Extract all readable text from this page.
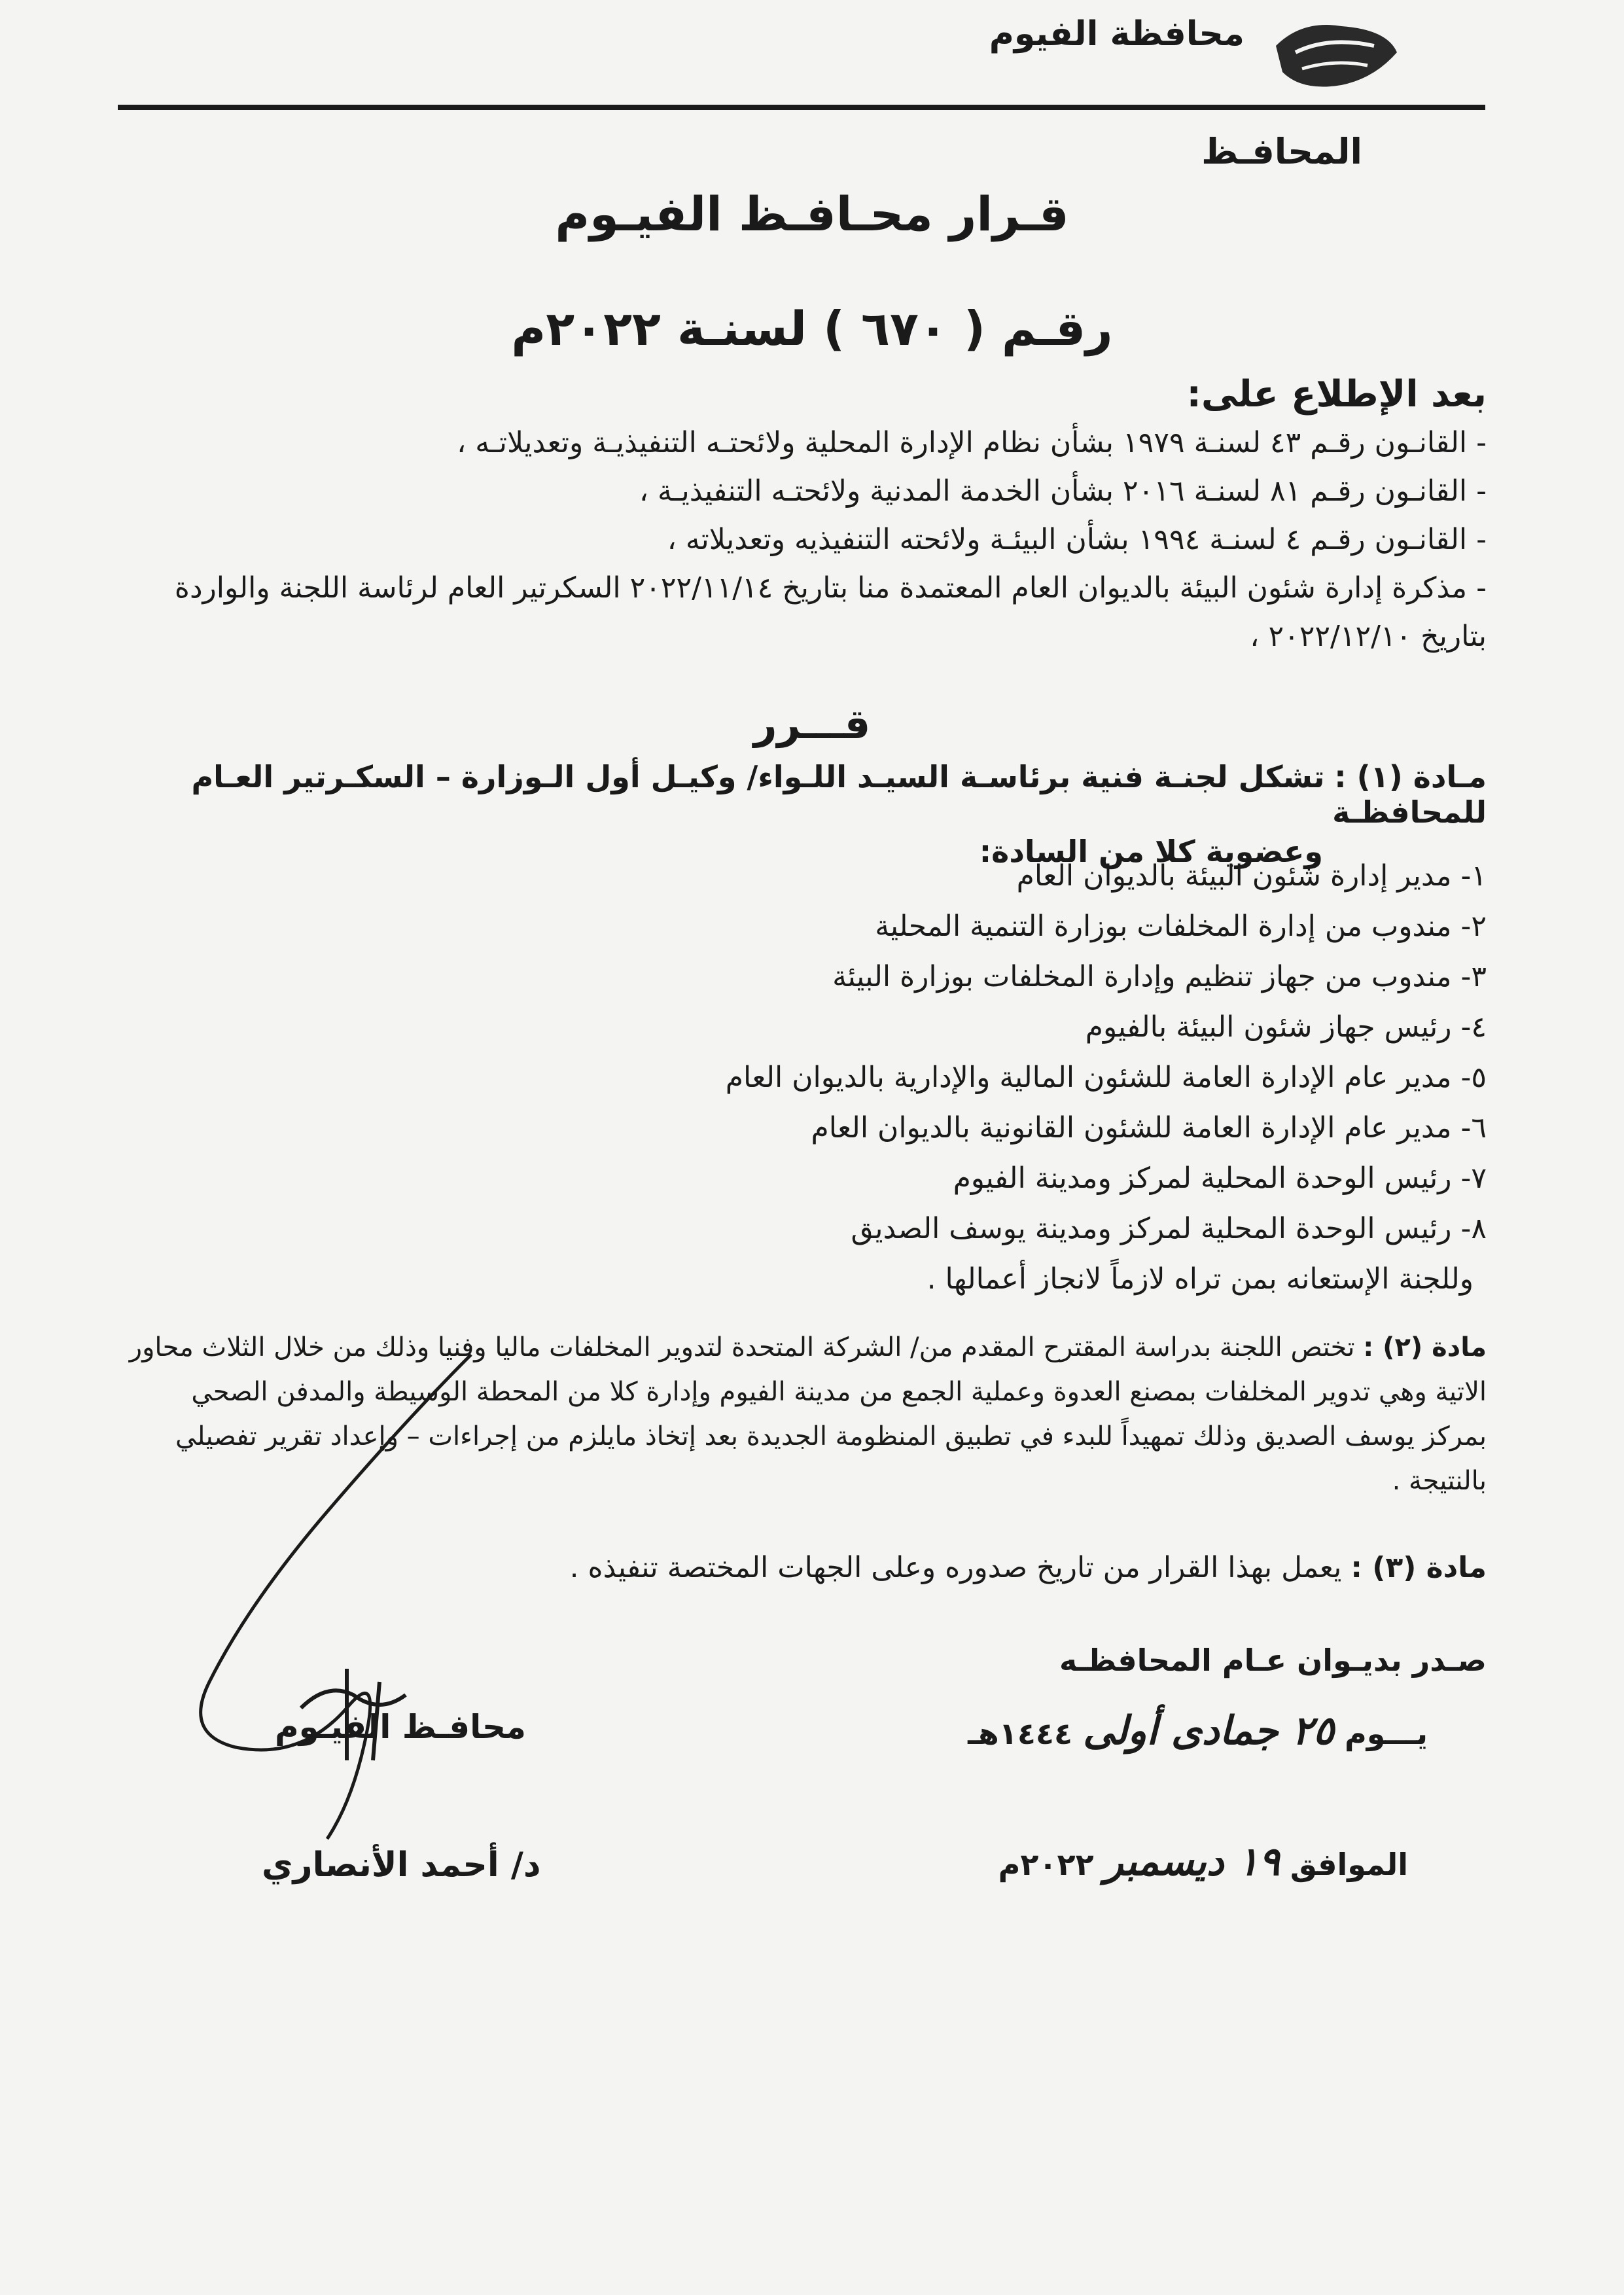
محافظة الفيوم
المحافـظ
قـرار محـافـظ الفيـوم
رقـم ( ٦٧٠ ) لسنـة ٢٠٢٢م
بعد الإطلاع على:
- القانـون رقـم ٤٣ لسنـة ١٩٧٩ بشأن نظام الإدارة المحلية ولائحتـه التنفيذيـة وتعديلاتـه ،
- القانـون رقـم ٨١ لسنـة ٢٠١٦ بشأن الخدمة المدنية ولائحتـه التنفيذيـة ،
- القانـون رقـم ٤ لسنـة ١٩٩٤ بشأن البيئـة ولائحته التنفيذيه وتعديلاته ،
- مذكرة إدارة شئون البيئة بالديوان العام المعتمدة منا بتاريخ ٢٠٢٢/١١/١٤ السكرتير العام لرئاسة اللجنة والواردة بتاريخ ٢٠٢٢/١٢/١٠ ،
قـــرر
مـادة (١) : تشكل لجنـة فنية برئاسـة السيـد اللـواء/ وكيـل أول الـوزارة – السكـرتير العـام للمحافظـة
وعضوية كلا من السادة:
١- مدير إدارة شئون البيئة بالديوان العام
٢- مندوب من إدارة المخلفات بوزارة التنمية المحلية
٣- مندوب من جهاز تنظيم وإدارة المخلفات بوزارة البيئة
٤- رئيس جهاز شئون البيئة بالفيوم
٥- مدير عام الإدارة العامة للشئون المالية والإدارية بالديوان العام
٦- مدير عام الإدارة العامة للشئون القانونية بالديوان العام
٧- رئيس الوحدة المحلية لمركز ومدينة الفيوم
٨- رئيس الوحدة المحلية لمركز ومدينة يوسف الصديق
وللجنة الإستعانه بمن تراه لازماً لانجاز أعمالها .
مادة (٢) : تختص اللجنة بدراسة المقترح المقدم من/ الشركة المتحدة لتدوير المخلفات ماليا وفنيا وذلك من خلال الثلاث محاور الاتية وهي تدوير المخلفات بمصنع العدوة وعملية الجمع من مدينة الفيوم وإدارة كلا من المحطة الوسيطة والمدفن الصحي بمركز يوسف الصديق وذلك تمهيداً للبدء في تطبيق المنظومة الجديدة بعد إتخاذ مايلزم من إجراءات – وإعداد تقرير تفصيلي بالنتيجة .
مادة (٣) : يعمل بهذا القرار من تاريخ صدوره وعلى الجهات المختصة تنفيذه .
صـدر بديـوان عـام المحافظـه
يـــوم ٢٥ جمادى أولى ١٤٤٤هـ
الموافق ١٩ ديسمبر ٢٠٢٢م
محافـظ الفيـوم
د/ أحمد الأنصاري
